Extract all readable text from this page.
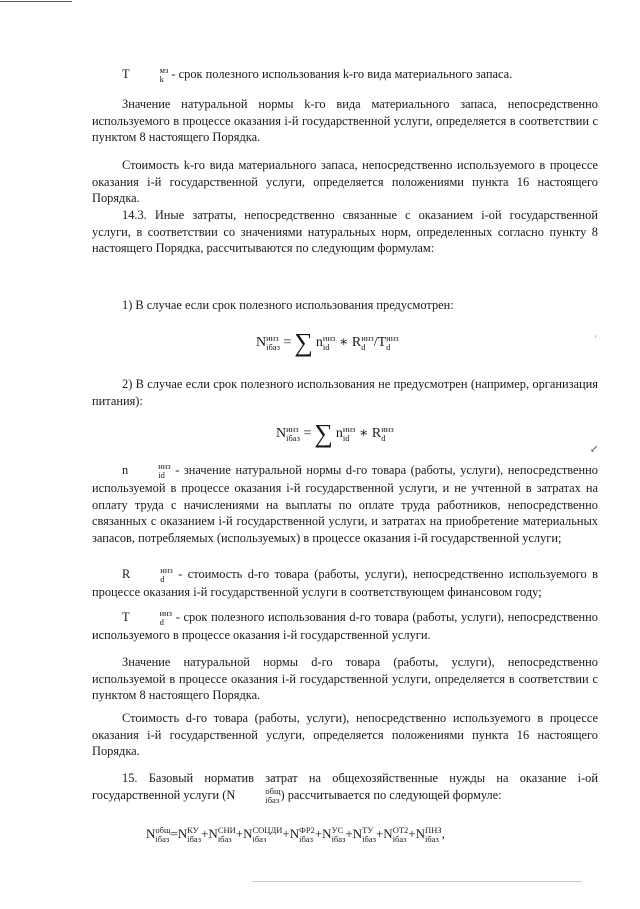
T	мз
k - срок полезного использования k-го вида материального запаса.

Значение натуральной нормы k-го вида материального запаса, непосредственно используемого в процессе оказания i-й государственной услуги, определяется в соответствии с пунктом 8 настоящего Порядка.

Стоимость k-го вида материального запаса, непосредственно используемого в процессе оказания i-й государственной услуги, определяется положениями пункта 16 настоящего Порядка.

14.3. Иные затраты, непосредственно связанные с оказанием i-ой государственной услуги, в соответствии со значениями натуральных норм, определенных согласно пункту 8 настоящего Порядка, рассчитываются по следующим формулам:

1) В случае если срок полезного использования предусмотрен:

N инз
iбаз = ∑ n инз
id ∗ R инз
d /T инз
d
˒

2) В случае если срок полезного использования не предусмотрен (например, организация питания):

N инз
iбаз = ∑ n инз
id ∗ R инз
d
↙

n	инз
id - значение натуральной нормы d-го товара (работы, услуги), непосредственно используемой в процессе оказания i-й государственной услуги, и не учтенной в затратах на оплату труда с начислениями на выплаты по оплате труда работников, непосредственно связанных с оказанием i-й государственной услуги, и затратах на приобретение материальных запасов, потребляемых (используемых) в процессе оказания i-й государственной услуги;

R	инз
d - стоимость d-го товара (работы, услуги), непосредственно используемого в процессе оказания i-й государственной услуги в соответствующем финансовом году;

T	инз
d - срок полезного использования d-го товара (работы, услуги), непосредственно используемого в процессе оказания i-й государственной услуги.

Значение натуральной нормы d-го товара (работы, услуги), непосредственно используемой в процессе оказания i-й государственной услуги, определяется в соответствии с пунктом 8 настоящего Порядка.

Стоимость d-го товара (работы, услуги), непосредственно используемого в процессе оказания i-й государственной услуги, определяется положениями пункта 16 настоящего Порядка.

15. Базовый норматив затрат на общехозяйственные нужды на оказание i-ой государственной услуги (N	общ
iбаз ) рассчитывается по следующей формуле:

N общ
iбаз =N КУ
iбаз +N СНИ
iбаз +N СОЦДИ
iбаз	+N ФР2
iбаз +N УС
iбаз +N ТУ
iбаз +N ОТ2
iбаз +N ПНЗ
iбаз ,
